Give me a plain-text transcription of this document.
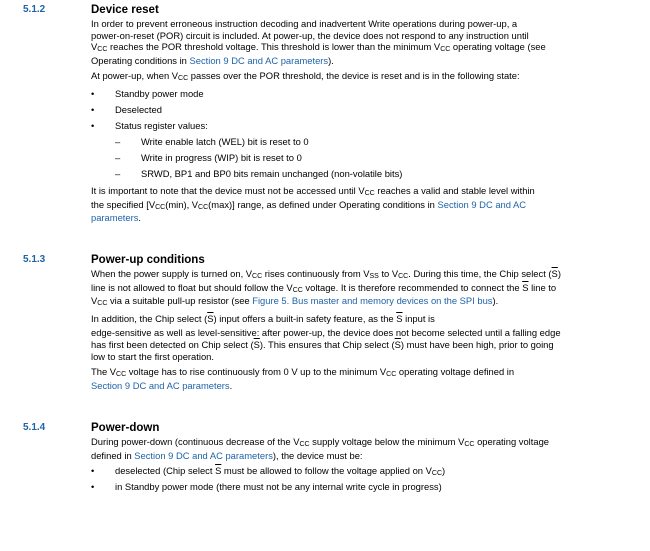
5.1.2	Device reset
In order to prevent erroneous instruction decoding and inadvertent Write operations during power-up, a
power-on-reset (POR) circuit is included. At power-up, the device does not respond to any instruction until
$V_{CC}$ reaches the POR threshold voltage. This threshold is lower than the minimum $V_{CC}$ operating voltage (see
Operating conditions in Section 9 DC and AC parameters).
At power-up, when $V_{CC}$ passes over the POR threshold, the device is reset and is in the following state:
• Standby power mode
• Deselected
• Status register values:
– Write enable latch (WEL) bit is reset to 0
– Write in progress (WIP) bit is reset to 0
– SRWD, BP1 and BP0 bits remain unchanged (non-volatile bits)
It is important to note that the device must not be accessed until $V_{CC}$ reaches a valid and stable level within
the specified [$V_{CC}(\min)$, $V_{CC}(\max)$] range, as defined under Operating conditions in Section 9 DC and AC
parameters.
5.1.3	Power-up conditions
When the power supply is turned on, $V_{CC}$ rises continuously from $V_{SS}$ to $V_{CC}$. During this time, the Chip select $(\overline{S})$
line is not allowed to float but should follow the $V_{CC}$ voltage. It is therefore recommended to connect the $\overline{S}$ line to
$V_{CC}$ via a suitable pull-up resistor (see Figure 5. Bus master and memory devices on the SPI bus).
In addition, the Chip select $(\overline{S})$ input offers a built-in safety feature, as the $\overline{S}$ input is
edge-sensitive as well as level-sensitive: after power-up, the device does not become selected until a falling edge
has first been detected on Chip select $(\overline{S})$. This ensures that Chip select $(\overline{S})$ must have been high, prior to going
low to start the first operation.
The $V_{CC}$ voltage has to rise continuously from 0 V up to the minimum $V_{CC}$ operating voltage defined in
Section 9 DC and AC parameters.
5.1.4	Power-down
During power-down (continuous decrease of the $V_{CC}$ supply voltage below the minimum $V_{CC}$ operating voltage
defined in Section 9 DC and AC parameters), the device must be:
• deselected (Chip select $\overline{S}$ must be allowed to follow the voltage applied on $V_{CC}$)
• in Standby power mode (there must not be any internal write cycle in progress)
